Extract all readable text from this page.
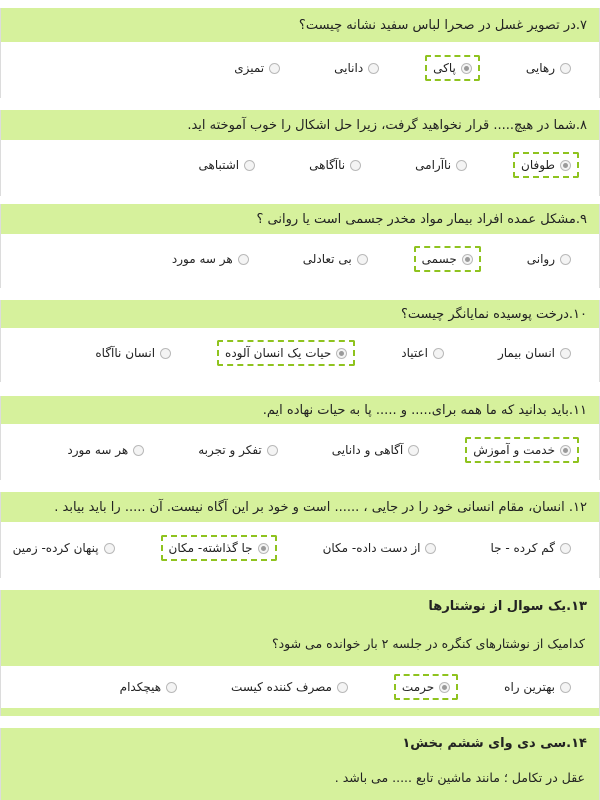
۷.در تصویر غسل در صحرا لباس سفید نشانه چیست؟
رهایی
پاکی
دانایی
تمیزی
۸.شما در هیچ..... قرار نخواهید گرفت، زیرا حل اشکال را خوب آموخته اید.
طوفان
ناآرامی
ناآگاهی
اشتباهی
۹.مشکل عمده افراد بیمار مواد مخدر جسمی است یا روانی ؟
روانی
جسمی
بی تعادلی
هر سه مورد
۱۰.درخت پوسیده نمایانگر چیست؟
انسان بیمار
اعتیاد
حیات یک انسان آلوده
انسان ناآگاه
۱۱.باید بدانید که ما همه برای..... و ..... پا به حیات نهاده ایم.
خدمت و آموزش
آگاهی و دانایی
تفکر و تجربه
هر سه مورد
۱۲. انسان، مقام انسانی خود را در جایی ، ...... است و خود بر این آگاه نیست. آن ..... را باید بیابد .
گم کرده - جا
از دست داده- مکان
جا گذاشته- مکان
پنهان کرده- زمین
۱۳.یک سوال از نوشتارها
کدامیک از نوشتارهای کنگره در جلسه ۲ بار خوانده می شود؟
بهترین راه
حرمت
مصرف کننده کیست
هیچکدام
۱۴.سی دی وای ششم بخش۱
عقل در تکامل ؛ مانند ماشین تابع ..... می باشد .
